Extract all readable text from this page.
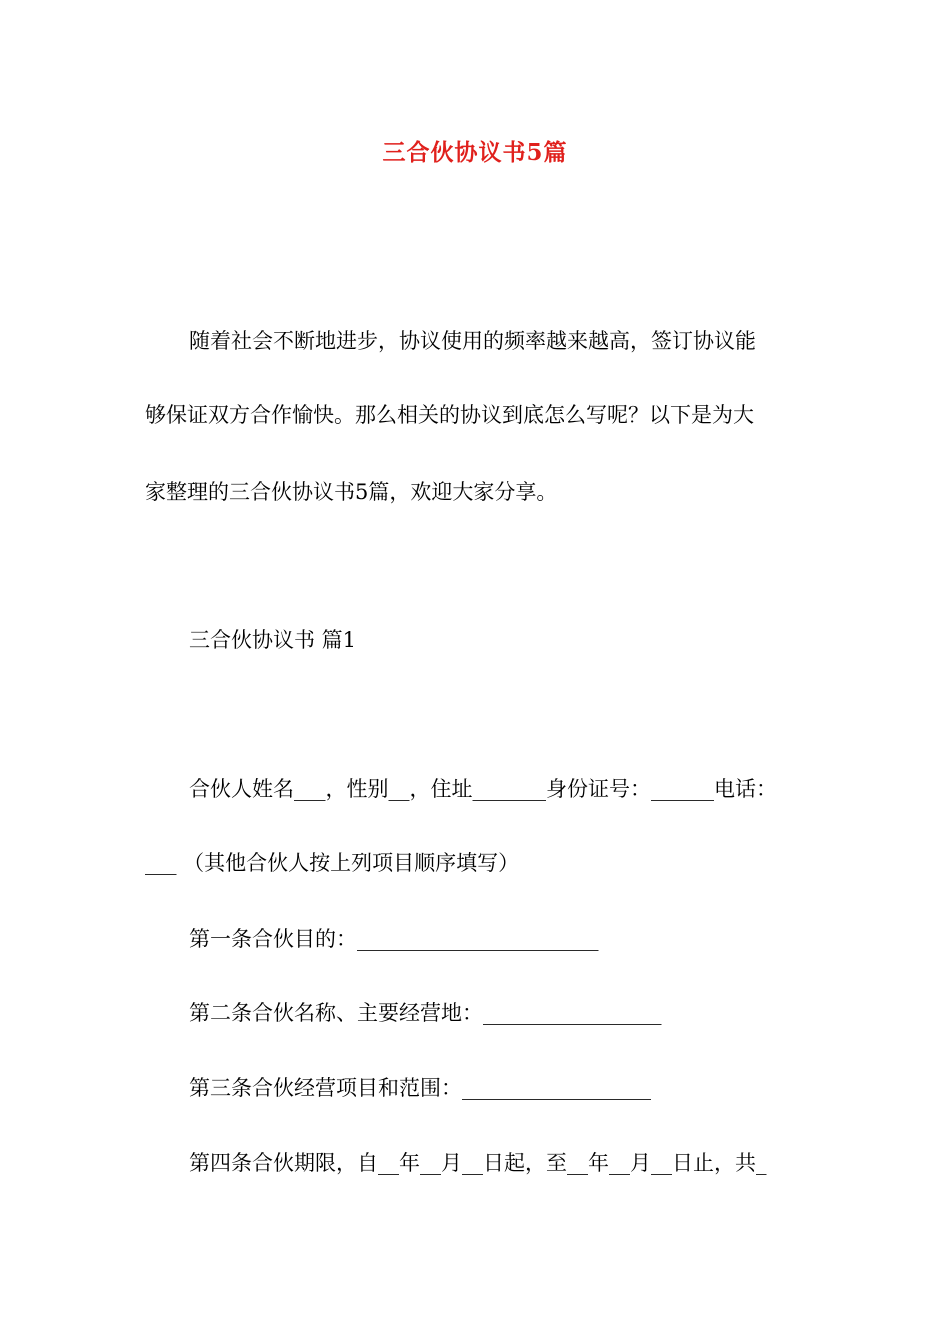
三合伙协议书5篇
随着社会不断地进步，协议使用的频率越来越高，签订协议能
够保证双方合作愉快。那么相关的协议到底怎么写呢？以下是为大
家整理的三合伙协议书5篇，欢迎大家分享。
三合伙协议书 篇1
合伙人姓名___，性别__，住址_______身份证号：______电话：
___ （其他合伙人按上列项目顺序填写）
第一条合伙目的：_______________________
第二条合伙名称、主要经营地：_________________
第三条合伙经营项目和范围：__________________
第四条合伙期限，自__年__月__日起，至__年__月__日止，共_
